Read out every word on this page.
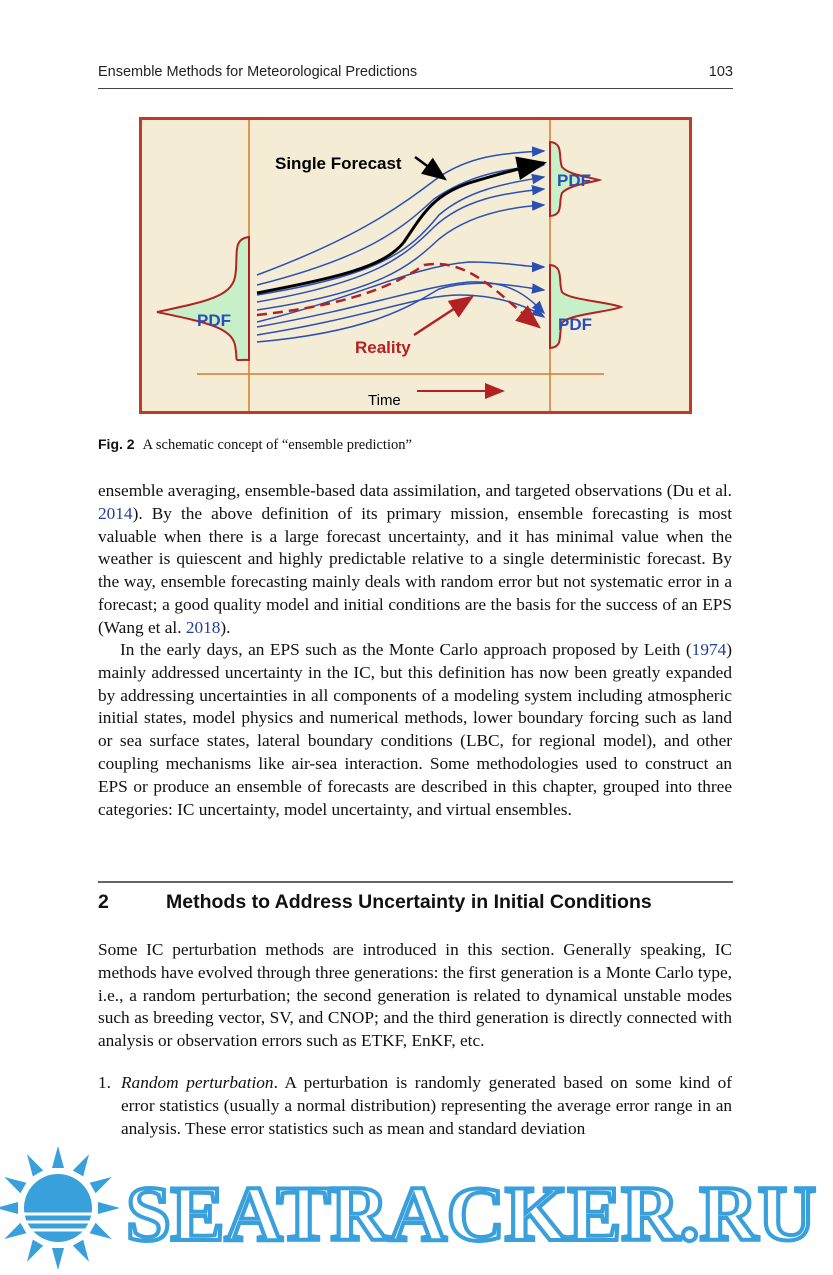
Ensemble Methods for Meteorological Predictions	103
Single Forecast
PDF
PDF
PDF
Reality
Time
Fig. 2 A schematic concept of “ensemble prediction”

ensemble averaging, ensemble-based data assimilation, and targeted observations (Du et al. 2014). By the above definition of its primary mission, ensemble forecasting is most valuable when there is a large forecast uncertainty, and it has minimal value when the weather is quiescent and highly predictable relative to a single deterministic forecast. By the way, ensemble forecasting mainly deals with random error but not systematic error in a forecast; a good quality model and initial conditions are the basis for the success of an EPS (Wang et al. 2018).

In the early days, an EPS such as the Monte Carlo approach proposed by Leith (1974) mainly addressed uncertainty in the IC, but this definition has now been greatly expanded by addressing uncertainties in all components of a modeling system including atmospheric initial states, model physics and numerical methods, lower boundary forcing such as land or sea surface states, lateral boundary conditions (LBC, for regional model), and other coupling mechanisms like air-sea interaction. Some methodologies used to construct an EPS or produce an ensemble of forecasts are described in this chapter, grouped into three categories: IC uncertainty, model uncertainty, and virtual ensembles.

2	Methods to Address Uncertainty in Initial Conditions

Some IC perturbation methods are introduced in this section. Generally speaking, IC methods have evolved through three generations: the first generation is a Monte Carlo type, i.e., a random perturbation; the second generation is related to dynamical unstable modes such as breeding vector, SV, and CNOP; and the third generation is directly connected with analysis or observation errors such as ETKF, EnKF, etc.

1. Random perturbation. A perturbation is randomly generated based on some kind of error statistics (usually a normal distribution) representing the average error range in an analysis. These error statistics such as mean and standard deviation
SEATRACKER.RU
